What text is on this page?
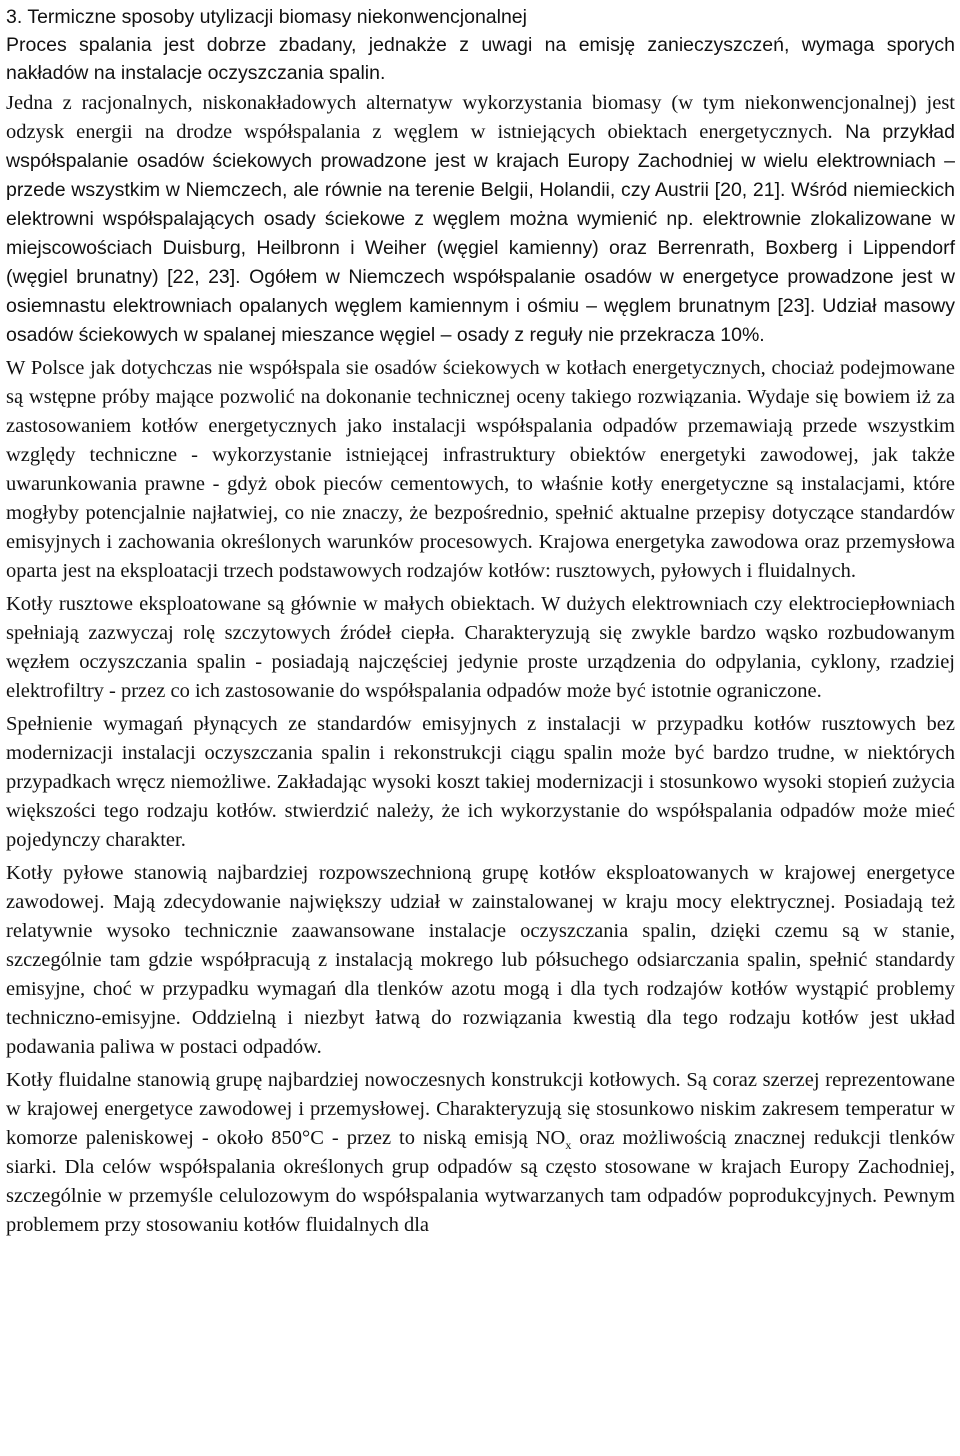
3. Termiczne sposoby utylizacji biomasy niekonwencjonalnej

Proces spalania jest dobrze zbadany, jednakże z uwagi na emisję zanieczyszczeń, wymaga sporych nakładów na instalacje oczyszczania spalin.

Jedna z racjonalnych, niskonakładowych alternatyw wykorzystania biomasy (w tym niekonwencjonalnej) jest odzysk energii na drodze współspalania z węglem w istniejących obiektach energetycznych. Na przykład współspalanie osadów ściekowych prowadzone jest w krajach Europy Zachodniej w wielu elektrowniach – przede wszystkim w Niemczech, ale równie na terenie Belgii, Holandii, czy Austrii [20, 21]. Wśród niemieckich elektrowni współspalających osady ściekowe z węglem można wymienić np. elektrownie zlokalizowane w miejscowościach Duisburg, Heilbronn i Weiher (węgiel kamienny) oraz Berrenrath, Boxberg i Lippendorf (węgiel brunatny) [22, 23]. Ogółem w Niemczech współspalanie osadów w energetyce prowadzone jest w osiemnastu elektrowniach opalanych węglem kamiennym i ośmiu – węglem brunatnym [23]. Udział masowy osadów ściekowych w spalanej mieszance węgiel – osady z reguły nie przekracza 10%.

W Polsce jak dotychczas nie współspala sie osadów ściekowych w kotłach energetycznych, chociaż podejmowane są wstępne próby mające pozwolić na dokonanie technicznej oceny takiego rozwiązania. Wydaje się bowiem iż za zastosowaniem kotłów energetycznych jako instalacji współspalania odpadów przemawiają przede wszystkim względy techniczne - wykorzystanie istniejącej infrastruktury obiektów energetyki zawodowej, jak także uwarunkowania prawne - gdyż obok pieców cementowych, to właśnie kotły energetyczne są instalacjami, które mogłyby potencjalnie najłatwiej, co nie znaczy, że bezpośrednio, spełnić aktualne przepisy dotyczące standardów emisyjnych i zachowania określonych warunków procesowych. Krajowa energetyka zawodowa oraz przemysłowa oparta jest na eksploatacji trzech podstawowych rodzajów kotłów: rusztowych, pyłowych i fluidalnych.

Kotły rusztowe eksploatowane są głównie w małych obiektach. W dużych elektrowniach czy elektrociepłowniach spełniają zazwyczaj rolę szczytowych źródeł ciepła. Charakteryzują się zwykle bardzo wąsko rozbudowanym węzłem oczyszczania spalin - posiadają najczęściej jedynie proste urządzenia do odpylania, cyklony, rzadziej elektrofiltry - przez co ich zastosowanie do współspalania odpadów może być istotnie ograniczone.

Spełnienie wymagań płynących ze standardów emisyjnych z instalacji w przypadku kotłów rusztowych bez modernizacji instalacji oczyszczania spalin i rekonstrukcji ciągu spalin może być bardzo trudne, w niektórych przypadkach wręcz niemożliwe. Zakładając wysoki koszt takiej modernizacji i stosunkowo wysoki stopień zużycia większości tego rodzaju kotłów. stwierdzić należy, że ich wykorzystanie do współspalania odpadów może mieć pojedynczy charakter.

Kotły pyłowe stanowią najbardziej rozpowszechnioną grupę kotłów eksploatowanych w krajowej energetyce zawodowej. Mają zdecydowanie największy udział w zainstalowanej w kraju mocy elektrycznej. Posiadają też relatywnie wysoko technicznie zaawansowane instalacje oczyszczania spalin, dzięki czemu są w stanie, szczególnie tam gdzie współpracują z instalacją mokrego lub półsuchego odsiarczania spalin, spełnić standardy emisyjne, choć w przypadku wymagań dla tlenków azotu mogą i dla tych rodzajów kotłów wystąpić problemy techniczno-emisyjne. Oddzielną i niezbyt łatwą do rozwiązania kwestią dla tego rodzaju kotłów jest układ podawania paliwa w postaci odpadów.

Kotły fluidalne stanowią grupę najbardziej nowoczesnych konstrukcji kotłowych. Są coraz szerzej reprezentowane w krajowej energetyce zawodowej i przemysłowej. Charakteryzują się stosunkowo niskim zakresem temperatur w komorze paleniskowej - około 850°C - przez to niską emisją $NO_x$ oraz możliwością znacznej redukcji tlenków siarki. Dla celów współspalania określonych grup odpadów są często stosowane w krajach Europy Zachodniej, szczególnie w przemyśle celulozowym do współspalania wytwarzanych tam odpadów poprodukcyjnych. Pewnym problemem przy stosowaniu kotłów fluidalnych dla
